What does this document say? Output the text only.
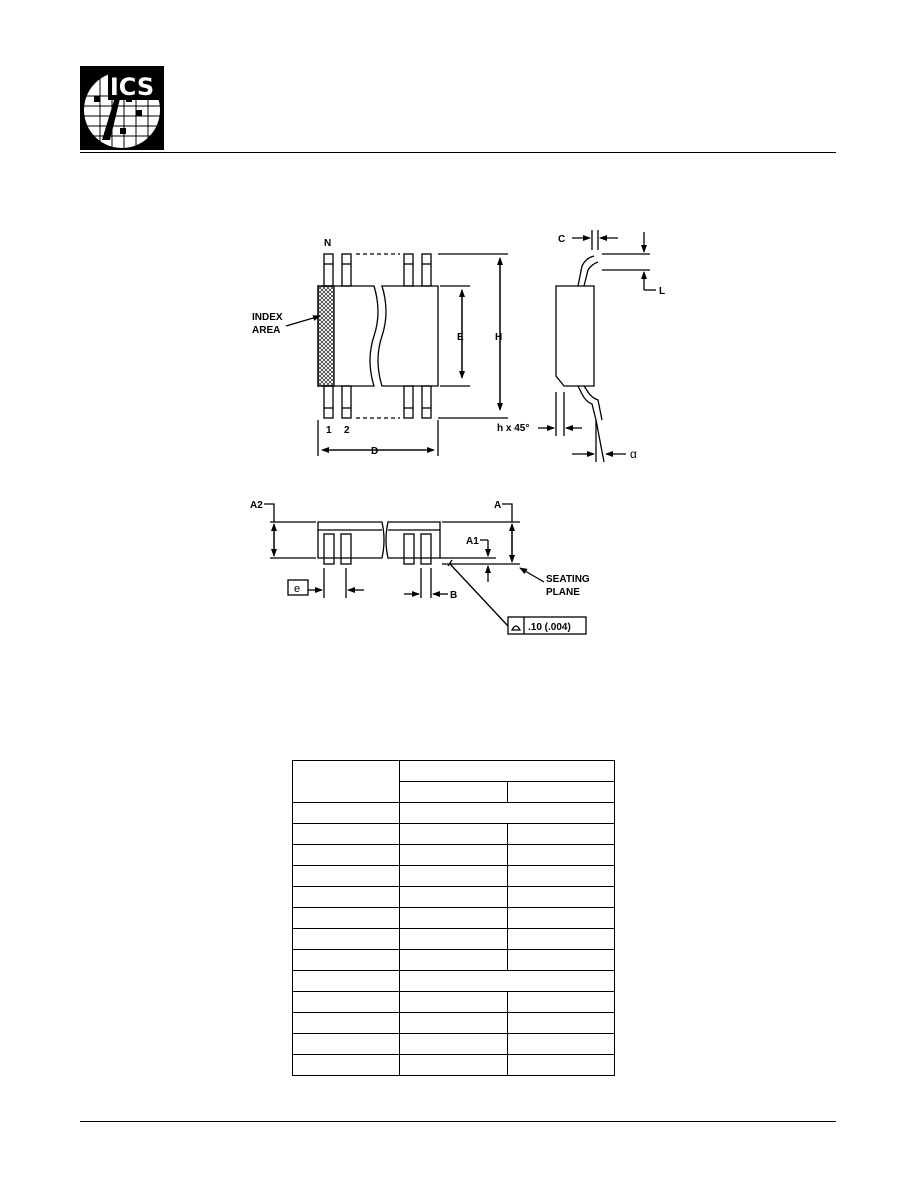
ICS
N
INDEX
AREA
E	H
1 2
D
C
L
h x 45°
α
A2	A
A1
e
B
SEATING
PLANE
.10 (.004)
